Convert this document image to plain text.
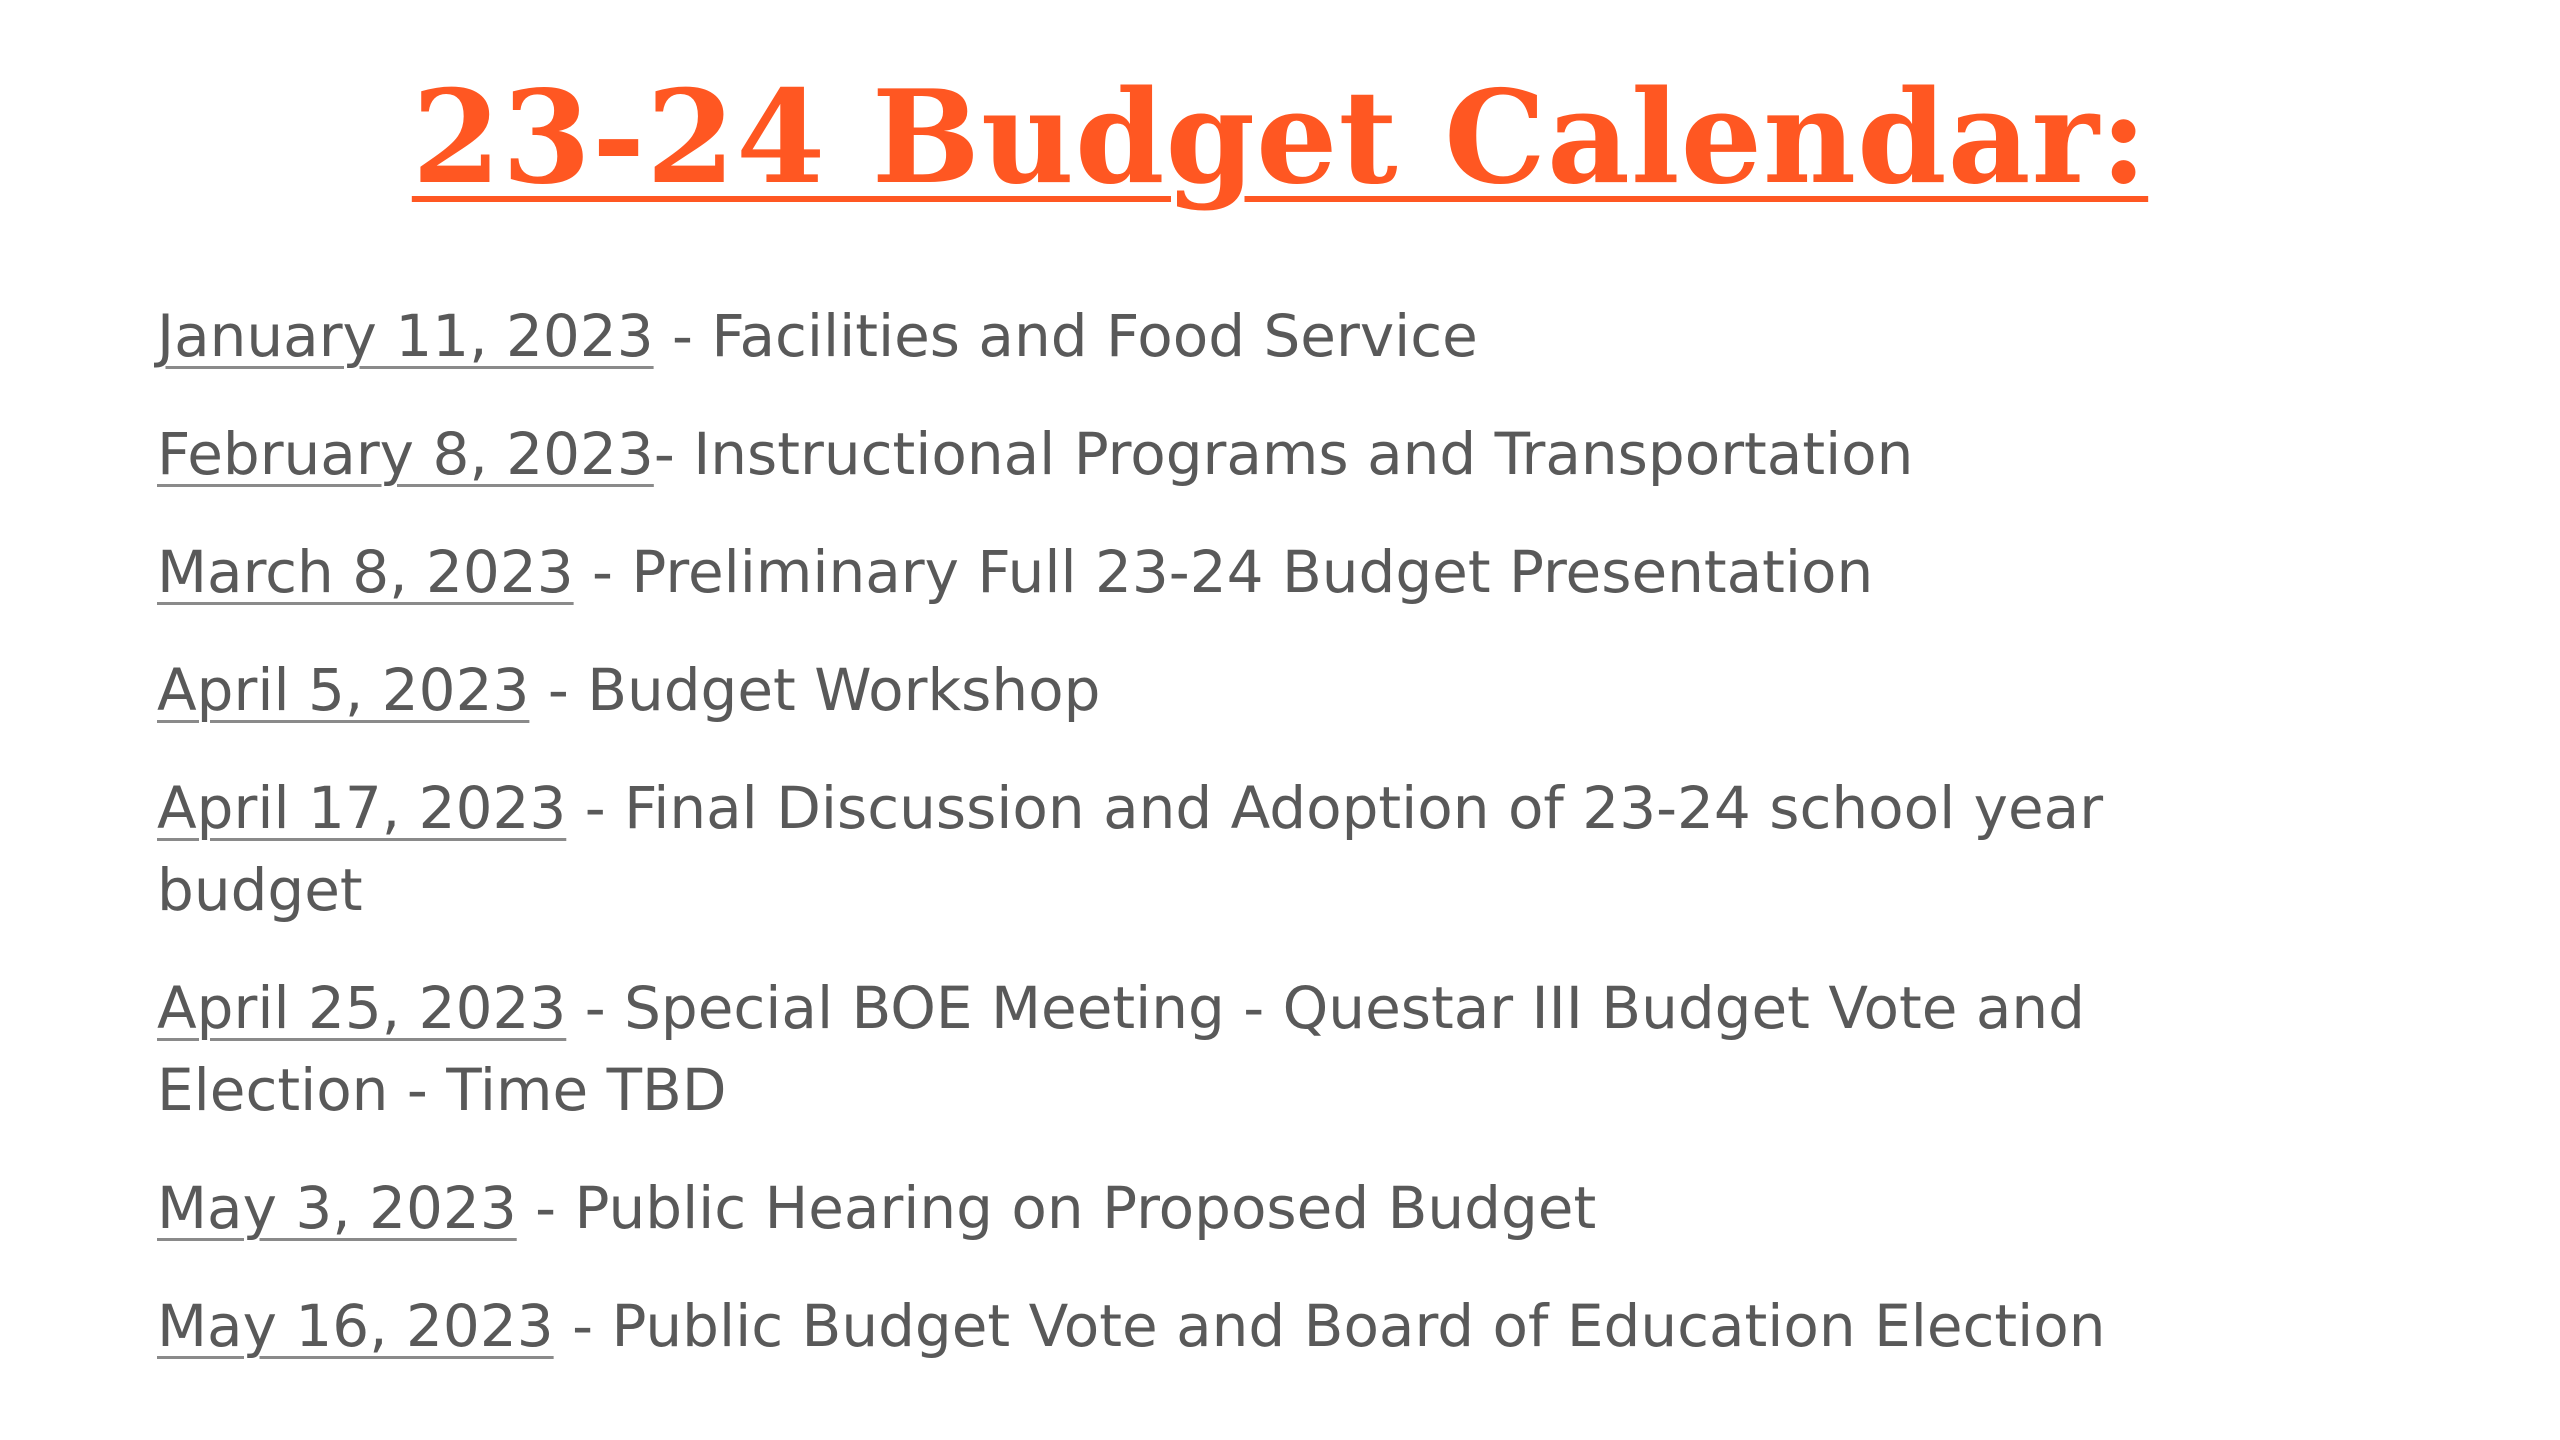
23-24 Budget Calendar:
January 11, 2023 - Facilities and Food Service
February 8, 2023- Instructional Programs and Transportation
March 8, 2023 - Preliminary Full 23-24 Budget Presentation
April 5, 2023 - Budget Workshop
April 17, 2023 - Final Discussion and Adoption of 23-24 school year budget
April 25, 2023 - Special BOE Meeting - Questar III Budget Vote and Election - Time TBD
May 3, 2023 - Public Hearing on Proposed Budget
May 16, 2023 - Public Budget Vote and Board of Education Election
